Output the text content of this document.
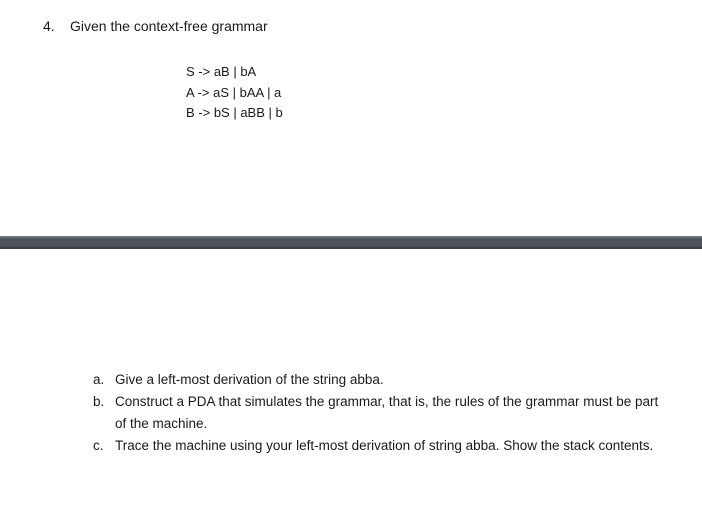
4. Given the context-free grammar
S -> aB | bA
A -> aS | bAA | a
B -> bS | aBB | b
a. Give a left-most derivation of the string abba.
b. Construct a PDA that simulates the grammar, that is, the rules of the grammar must be part of the machine.
c. Trace the machine using your left-most derivation of string abba. Show the stack contents.
